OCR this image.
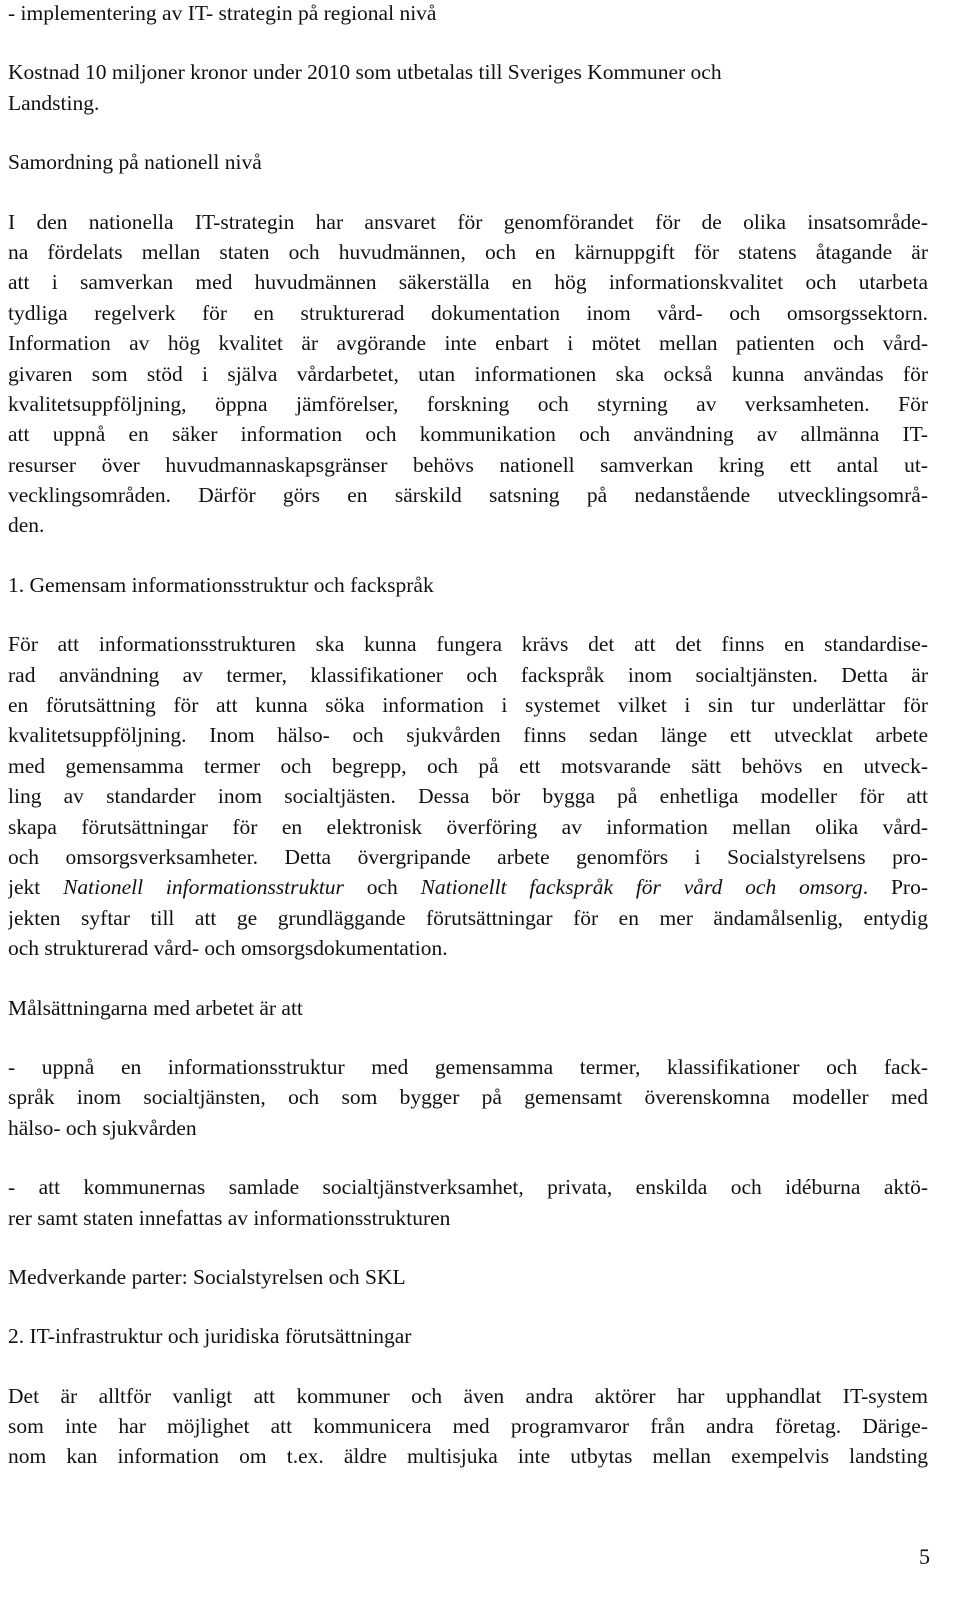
- implementering av IT- strategin på regional nivå
Kostnad 10 miljoner kronor under 2010 som utbetalas till Sveriges Kommuner och
Landsting.
Samordning på nationell nivå
I den nationella IT-strategin har ansvaret för genomförandet för de olika insatsområde-
na fördelats mellan staten och huvudmännen, och en kärnuppgift för statens åtagande är
att i samverkan med huvudmännen säkerställa en hög informationskvalitet och utarbeta
tydliga regelverk för en strukturerad dokumentation inom vård- och omsorgssektorn.
Information av hög kvalitet är avgörande inte enbart i mötet mellan patienten och vård-
givaren som stöd i själva vårdarbetet, utan informationen ska också kunna användas för
kvalitetsuppföljning, öppna jämförelser, forskning och styrning av verksamheten. För
att uppnå en säker information och kommunikation och användning av allmänna IT-
resurser över huvudmannaskapsgränser behövs nationell samverkan kring ett antal ut-
vecklingsområden. Därför görs en särskild satsning på nedanstående utvecklingsområ-
den.
1. Gemensam informationsstruktur och fackspråk
För att informationsstrukturen ska kunna fungera krävs det att det finns en standardise-
rad användning av termer, klassifikationer och fackspråk inom socialtjänsten. Detta är
en förutsättning för att kunna söka information i systemet vilket i sin tur underlättar för
kvalitetsuppföljning. Inom hälso- och sjukvården finns sedan länge ett utvecklat arbete
med gemensamma termer och begrepp, och på ett motsvarande sätt behövs en utveck-
ling av standarder inom socialtjästen. Dessa bör bygga på enhetliga modeller för att
skapa förutsättningar för en elektronisk överföring av information mellan olika vård-
och omsorgsverksamheter. Detta övergripande arbete genomförs i Socialstyrelsens pro-
jekt Nationell informationsstruktur och Nationellt fackspråk för vård och omsorg. Pro-
jekten syftar till att ge grundläggande förutsättningar för en mer ändamålsenlig, entydig
och strukturerad vård- och omsorgsdokumentation.
Målsättningarna med arbetet är att
- uppnå en informationsstruktur med gemensamma termer, klassifikationer och fack-
språk inom socialtjänsten, och som bygger på gemensamt överenskomna modeller med
hälso- och sjukvården
- att kommunernas samlade socialtjänstverksamhet, privata, enskilda och idéburna aktö-
rer samt staten innefattas av informationsstrukturen
Medverkande parter: Socialstyrelsen och SKL
2. IT-infrastruktur och juridiska förutsättningar
Det är alltför vanligt att kommuner och även andra aktörer har upphandlat IT-system
som inte har möjlighet att kommunicera med programvaror från andra företag. Därige-
nom kan information om t.ex. äldre multisjuka inte utbytas mellan exempelvis landsting
5
